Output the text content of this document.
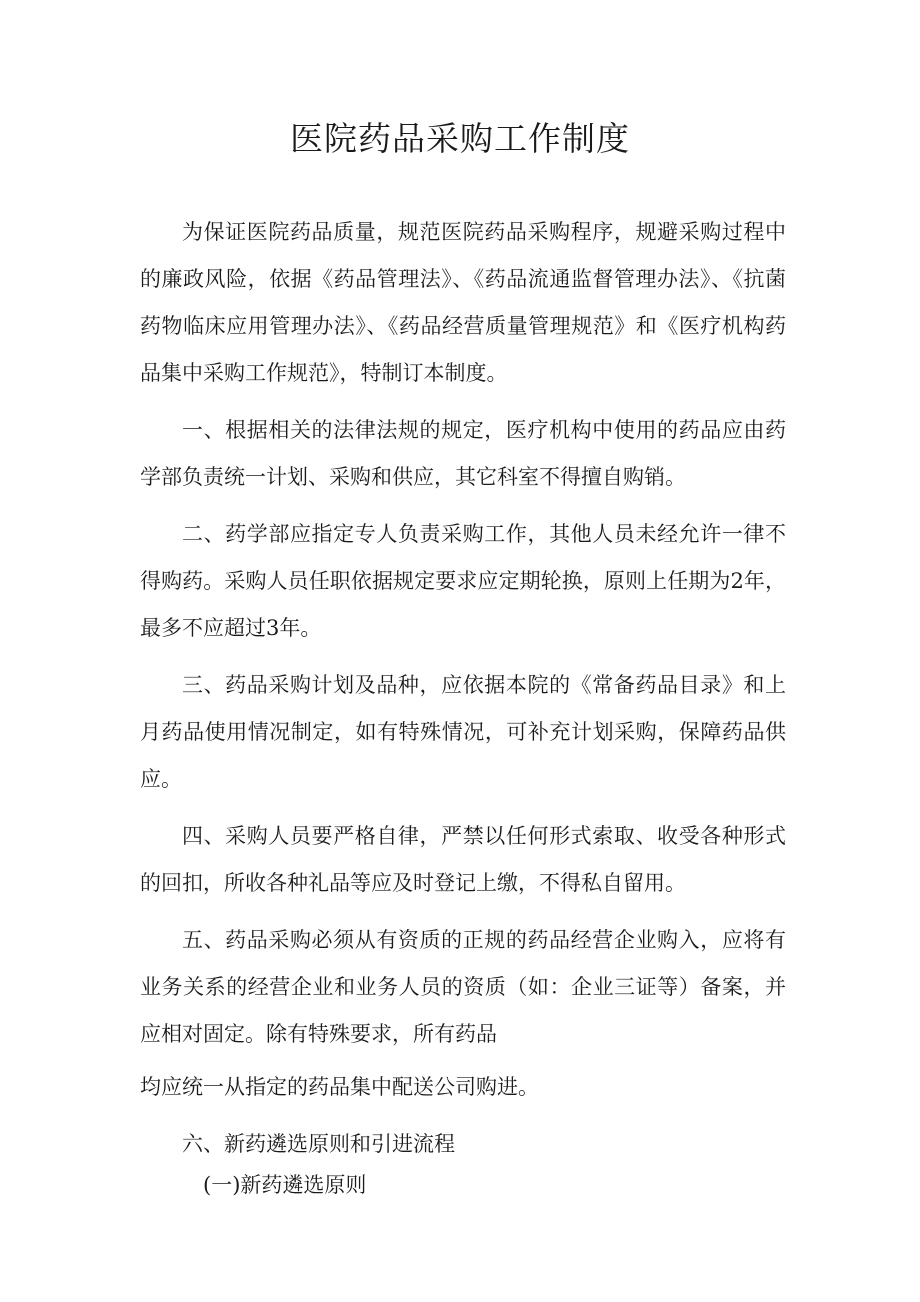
医院药品采购工作制度

为保证医院药品质量，规范医院药品采购程序，规避采购过程中的廉政风险，依据《药品管理法》、《药品流通监督管理办法》、《抗菌药物临床应用管理办法》、《药品经营质量管理规范》和《医疗机构药品集中采购工作规范》，特制订本制度。

一、根据相关的法律法规的规定，医疗机构中使用的药品应由药学部负责统一计划、采购和供应，其它科室不得擅自购销。

二、药学部应指定专人负责采购工作，其他人员未经允许一律不得购药。采购人员任职依据规定要求应定期轮换，原则上任期为2年，最多不应超过3年。

三、药品采购计划及品种，应依据本院的《常备药品目录》和上月药品使用情况制定，如有特殊情况，可补充计划采购，保障药品供应。

四、采购人员要严格自律，严禁以任何形式索取、收受各种形式的回扣，所收各种礼品等应及时登记上缴，不得私自留用。

五、药品采购必须从有资质的正规的药品经营企业购入，应将有业务关系的经营企业和业务人员的资质（如：企业三证等）备案，并应相对固定。除有特殊要求，所有药品

均应统一从指定的药品集中配送公司购进。

六、新药遴选原则和引进流程

(一)新药遴选原则
